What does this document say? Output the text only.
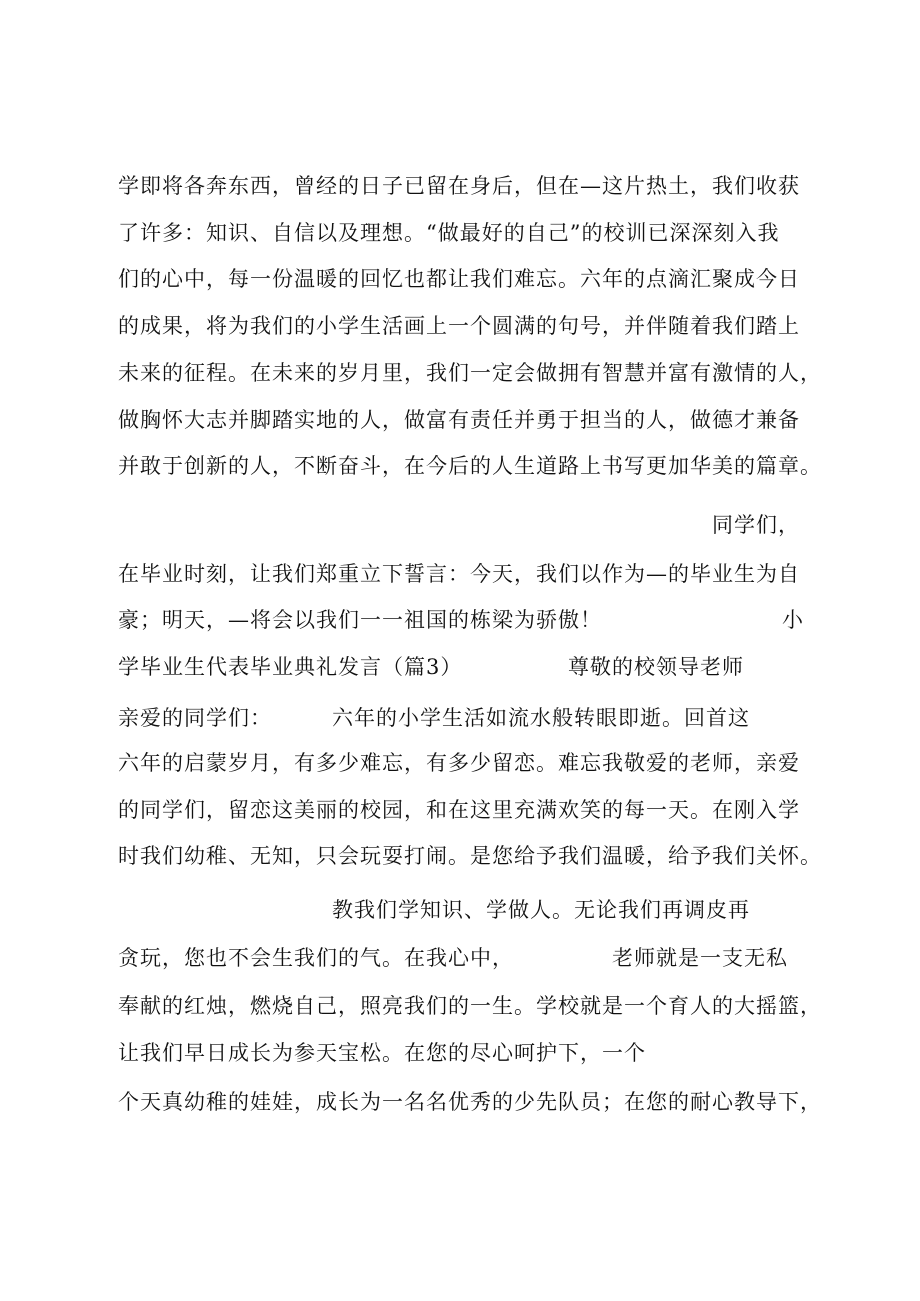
学即将各奔东西，曾经的日子已留在身后，但在—这片热土，我们收获
了许多：知识、自信以及理想。“做最好的自己”的校训已深深刻入我
们的心中，每一份温暖的回忆也都让我们难忘。六年的点滴汇聚成今日
的成果，将为我们的小学生活画上一个圆满的句号，并伴随着我们踏上
未来的征程。在未来的岁月里，我们一定会做拥有智慧并富有激情的人，
做胸怀大志并脚踏实地的人，做富有责任并勇于担当的人，做德才兼备
并敢于创新的人，不断奋斗，在今后的人生道路上书写更加华美的篇章。
同学们，
在毕业时刻，让我们郑重立下誓言：今天，我们以作为—的毕业生为自
豪；明天，—将会以我们一一祖国的栋梁为骄傲！	小
学毕业生代表毕业典礼发言（篇3）	尊敬的校领导老师
亲爱的同学们：	六年的小学生活如流水般转眼即逝。回首这
六年的启蒙岁月，有多少难忘，有多少留恋。难忘我敬爱的老师，亲爱
的同学们，留恋这美丽的校园，和在这里充满欢笑的每一天。在刚入学
时我们幼稚、无知，只会玩耍打闹。是您给予我们温暖，给予我们关怀。
教我们学知识、学做人。无论我们再调皮再
贪玩，您也不会生我们的气。在我心中，	老师就是一支无私
奉献的红烛，燃烧自己，照亮我们的一生。学校就是一个育人的大摇篮，
让我们早日成长为参天宝松。在您的尽心呵护下，一个
个天真幼稚的娃娃，成长为一名名优秀的少先队员；在您的耐心教导下，
